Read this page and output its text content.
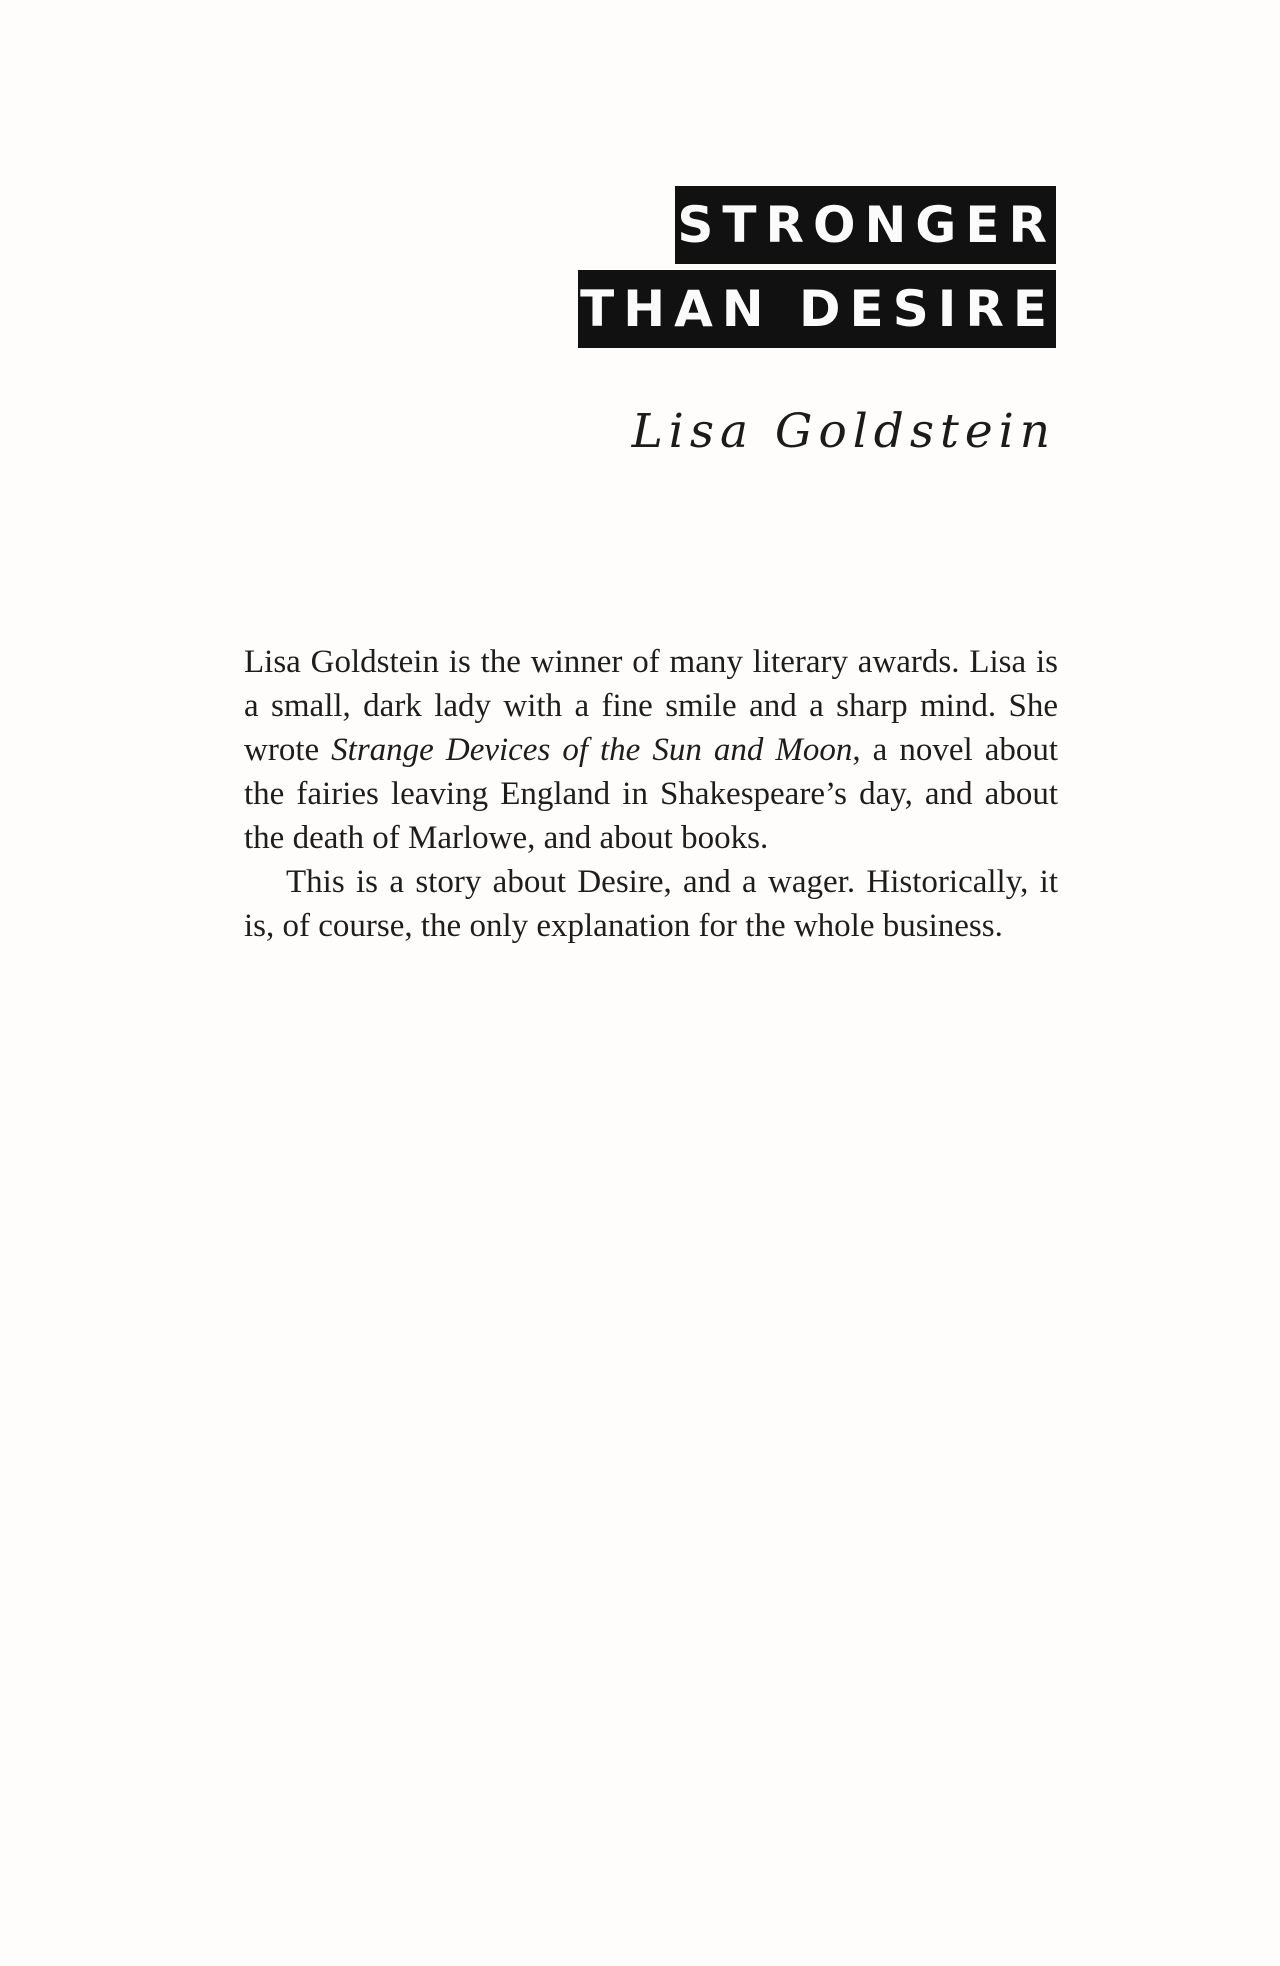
STRONGER
THAN DESIRE
Lisa Goldstein

Lisa Goldstein is the winner of many literary awards. Lisa is a small, dark lady with a fine smile and a sharp mind. She wrote Strange Devices of the Sun and Moon, a novel about the fairies leaving England in Shakespeare’s day, and about the death of Marlowe, and about books.

This is a story about Desire, and a wager. Historically, it is, of course, the only explanation for the whole business.
